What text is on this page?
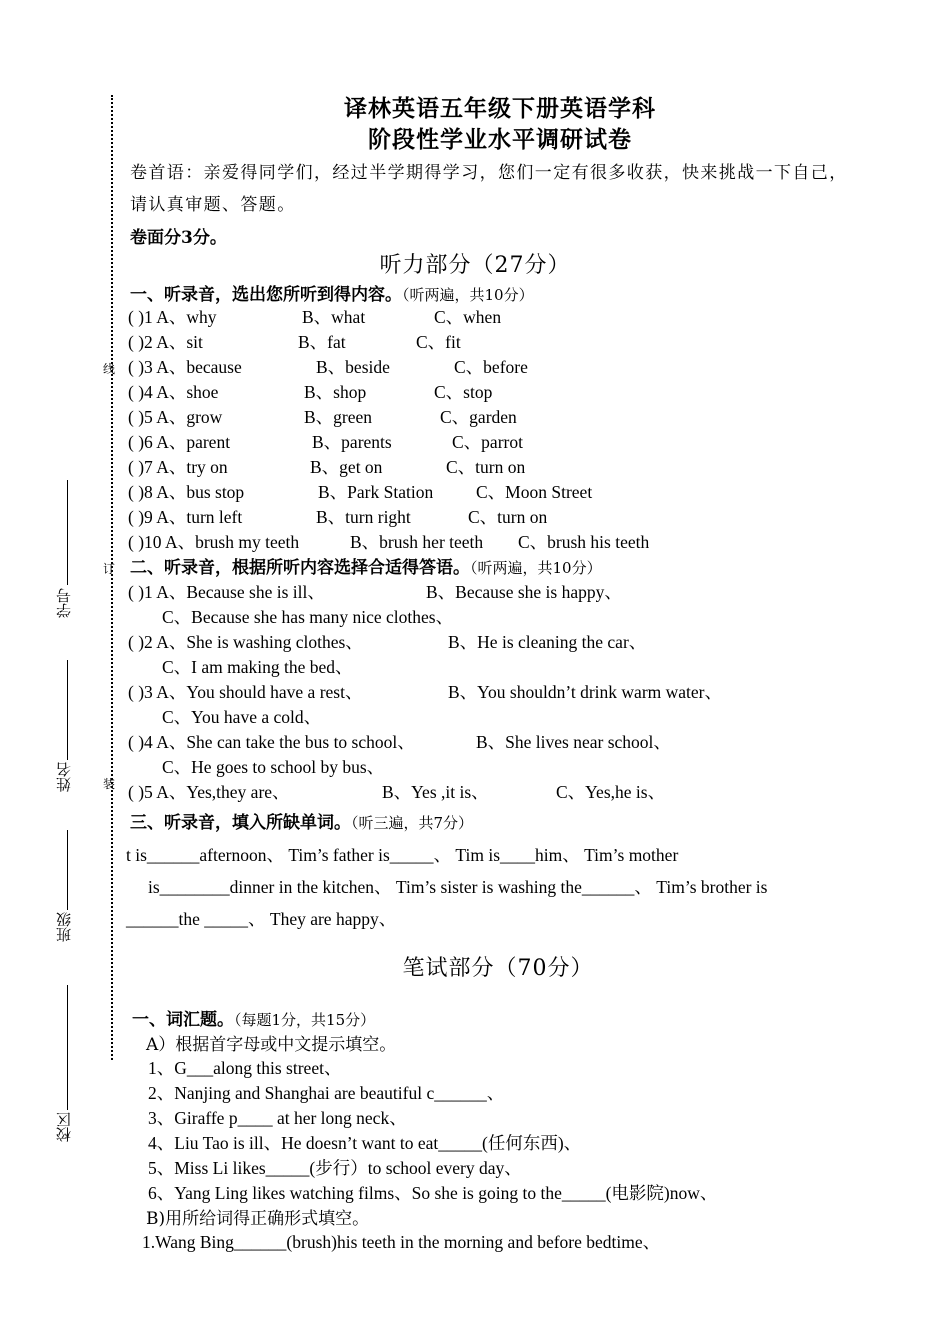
线
订
装
校区
班级
姓名
学号
译林英语五年级下册英语学科
阶段性学业水平调研试卷
卷首语：亲爱得同学们，经过半学期得学习，您们一定有很多收获，快来挑战一下自己，
请认真审题、答题。
卷面分3分。
听力部分（27分）
一、听录音，选出您所听到得内容。（听两遍，共10分）
( )1 A、why	B、what	C、when
( )2 A、sit	B、fat	C、fit
( )3 A、because	B、beside	C、before
( )4 A、shoe	B、shop	C、stop
( )5 A、grow	B、green	C、garden
( )6 A、parent	B、parents	C、parrot
( )7 A、try on	B、get on	C、turn on
( )8 A、bus stop	B、Park Station C、Moon Street
( )9 A、turn left	B、turn right	C、turn on
( )10 A、brush my teeth	B、brush her teeth C、brush his teeth
二、听录音，根据所听内容选择合适得答语。（听两遍，共10分）
( )1 A、Because she is ill、	B、Because she is happy、
C、Because she has many nice clothes、
( )2 A、She is washing clothes、	B、He is cleaning the car、
C、I am making the bed、
( )3 A、You should have a rest、	B、You shouldn’t drink warm water、
C、You have a cold、
( )4 A、She can take the bus to school、	B、She lives near school、
C、He goes to school by bus、
( )5 A、Yes,they are、	B、Yes ,it is、	C、Yes,he is、
三、听录音，填入所缺单词。（听三遍，共7分）
t is______afternoon、 Tim’s father is_____、 Tim is____him、 Tim’s mother
is________dinner in the kitchen、 Tim’s sister is washing the______、 Tim’s brother is
______the _____、 They are happy、
笔试部分（70分）
一、词汇题。（每题1分，共15分）
A）根据首字母或中文提示填空。
1、G___along this street、
2、Nanjing and Shanghai are beautiful c______、
3、Giraffe p____ at her long neck、
4、Liu Tao is ill、He doesn’t want to eat_____(任何东西)、
5、Miss Li likes_____(步行）to school every day、
6、Yang Ling likes watching films、So she is going to the_____(电影院)now、
B)用所给词得正确形式填空。
1.Wang Bing______(brush)his teeth in the morning and before bedtime、
